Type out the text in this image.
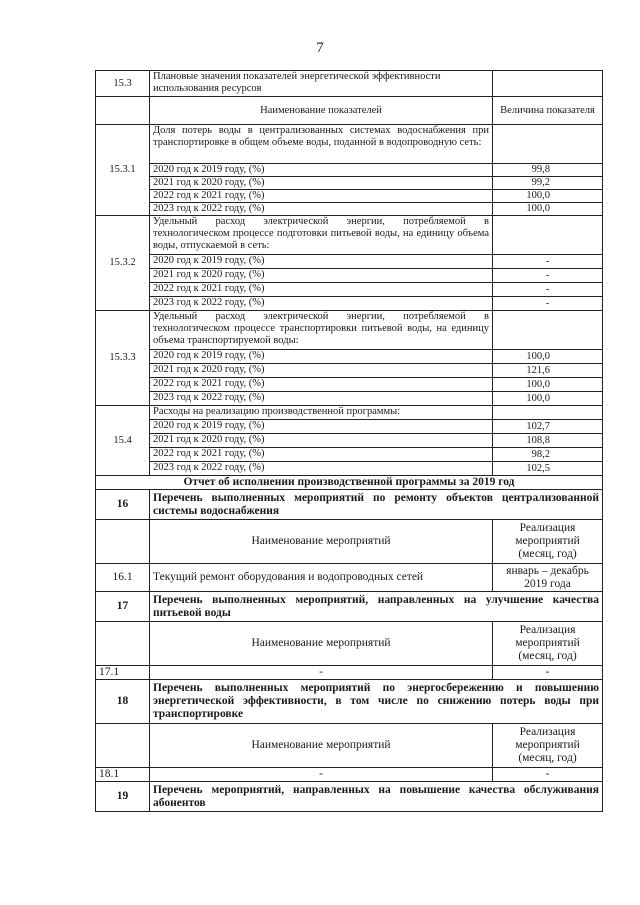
7
15.3	Плановые значения показателей энергетической эффективности использования ресурсов	
	Наименование показателей	Величина показателя
15.3.1	Доля потерь воды в централизованных системах водоснабжения при транспортировке в общем объеме воды, поданной в водопроводную сеть:	
	2020 год к 2019 году, (%)	99,8
	2021 год к 2020 году, (%)	99,2
	2022 год к 2021 году, (%)	100,0
	2023 год к 2022 году, (%)	100,0
15.3.2	Удельный расход электрической энергии, потребляемой в технологическом процессе подготовки питьевой воды, на единицу объема воды, отпускаемой в сеть:	
	2020 год к 2019 году, (%)	-
	2021 год к 2020 году, (%)	-
	2022 год к 2021 году, (%)	-
	2023 год к 2022 году, (%)	-
15.3.3	Удельный расход электрической энергии, потребляемой в технологическом процессе транспортировки питьевой воды, на единицу объема транспортируемой воды:	
	2020 год к 2019 году, (%)	100,0
	2021 год к 2020 году, (%)	121,6
	2022 год к 2021 году, (%)	100,0
	2023 год к 2022 году, (%)	100,0
15.4	Расходы на реализацию производственной программы:	
	2020 год к 2019 году, (%)	102,7
	2021 год к 2020 году, (%)	108,8
	2022 год к 2021 году, (%)	98,2
	2023 год к 2022 году, (%)	102,5
Отчет об исполнении производственной программы за 2019 год		
16	Перечень выполненных мероприятий по ремонту объектов централизованной системы водоснабжения	
	Наименование мероприятий	Реализация мероприятий (месяц, год)
16.1	Текущий ремонт оборудования и водопроводных сетей	январь – декабрь 2019 года
17	Перечень выполненных мероприятий, направленных на улучшение качества питьевой воды	
	Наименование мероприятий	Реализация мероприятий (месяц, год)
17.1	-	-
18	Перечень выполненных мероприятий по энергосбережению и повышению энергетической эффективности, в том числе по снижению потерь воды при транспортировке	
	Наименование мероприятий	Реализация мероприятий (месяц, год)
18.1	-	-
19	Перечень мероприятий, направленных на повышение качества обслуживания абонентов	
